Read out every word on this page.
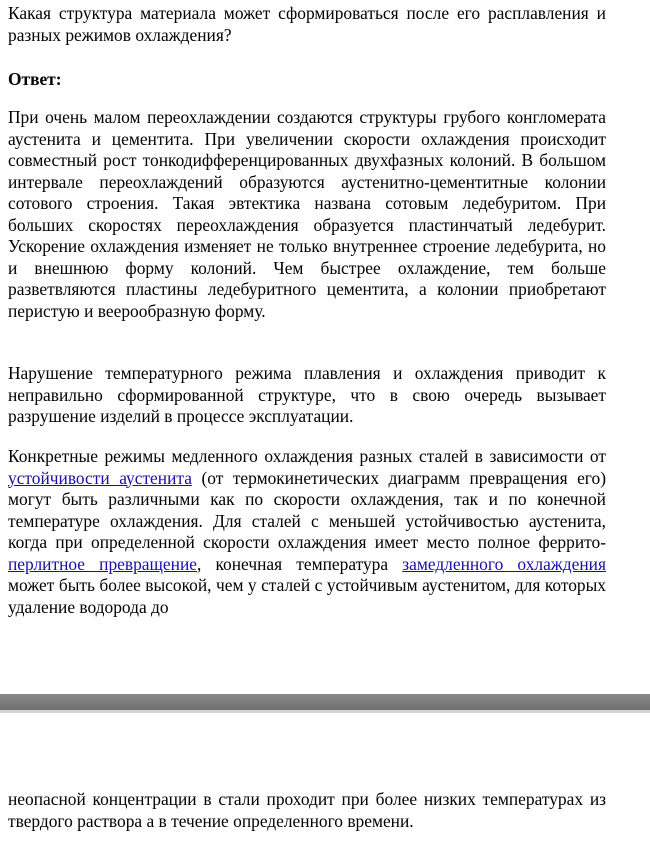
Какая структура материала может сформироваться после его расплавления и разных режимов охлаждения?

Ответ:

При очень малом переохлаждении создаются структуры грубого конгломерата аустенита и цементита. При увеличении скорости охлаждения происходит совместный рост тонкодифференцированных двухфазных колоний. В большом интервале переохлаждений образуются аустенитно-цементитные колонии сотового строения. Такая эвтектика названа сотовым ледебуритом. При больших скоростях переохлаждения образуется пластинчатый ледебурит. Ускорение охлаждения изменяет не только внутреннее строение ледебурита, но и внешнюю форму колоний. Чем быстрее охлаждение, тем больше разветвляются пластины ледебуритного цементита, а колонии приобретают перистую и веерообразную форму.

Нарушение температурного режима плавления и охлаждения приводит к неправильно сформированной структуре, что в свою очередь вызывает разрушение изделий в процессе эксплуатации.

Конкретные режимы медленного охлаждения разных сталей в зависимости от устойчивости аустенита (от термокинетических диаграмм превращения его) могут быть различными как по скорости охлаждения, так и по конечной температуре охлаждения. Для сталей с меньшей устойчивостью аустенита, когда при определенной скорости охлаждения имеет место полное феррито-перлитное превращение, конечная температура замедленного охлаждения может быть более высокой, чем у сталей с устойчивым аустенитом, для которых удаление водорода до

неопасной концентрации в стали проходит при более низких температурах из твердого раствора а в течение определенного времени.
